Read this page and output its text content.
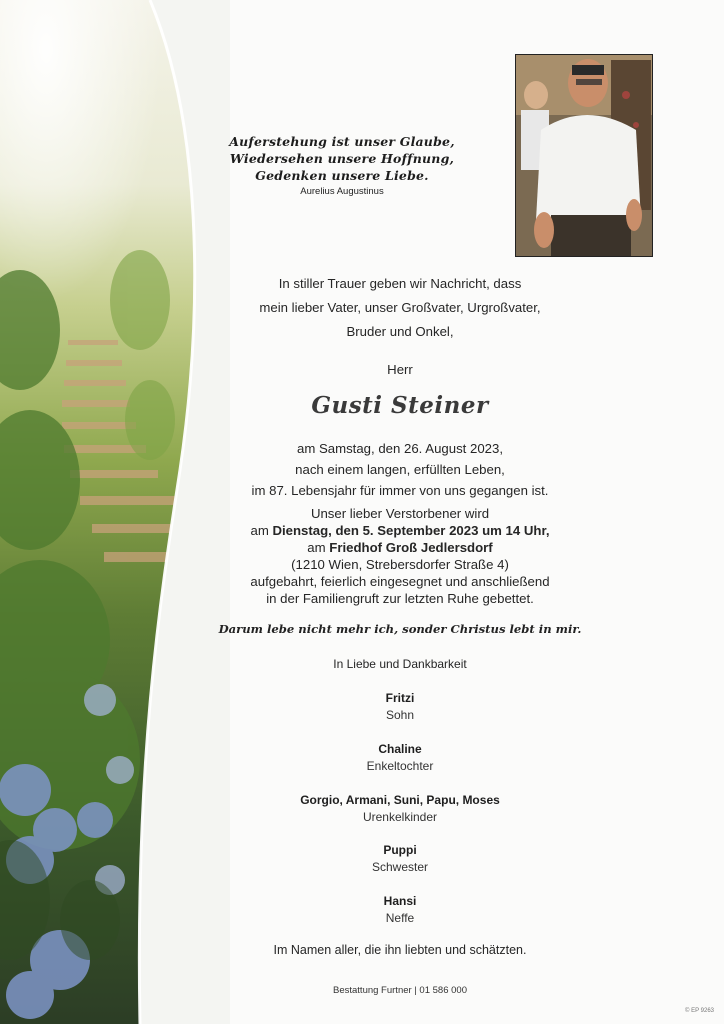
Auferstehung ist unser Glaube,
Wiedersehen unsere Hoffnung,
Gedenken unsere Liebe.
Aurelius Augustinus
In stiller Trauer geben wir Nachricht, dass
mein lieber Vater, unser Großvater, Urgroßvater,
Bruder und Onkel,
Herr
Gusti Steiner
am Samstag, den 26. August 2023,
nach einem langen, erfüllten Leben,
im 87. Lebensjahr für immer von uns gegangen ist.
Unser lieber Verstorbener wird
am Dienstag, den 5. September 2023 um 14 Uhr,
am Friedhof Groß Jedlersdorf
(1210 Wien, Strebersdorfer Straße 4)
aufgebahrt, feierlich eingesegnet und anschließend
in der Familiengruft zur letzten Ruhe gebettet.
Darum lebe nicht mehr ich, sonder Christus lebt in mir.
In Liebe und Dankbarkeit
Fritzi
Sohn
Chaline
Enkeltochter
Gorgio, Armani, Suni, Papu, Moses
Urenkelkinder
Puppi
Schwester
Hansi
Neffe
Im Namen aller, die ihn liebten und schätzten.
Bestattung Furtner | 01 586 000
© EP 9263
